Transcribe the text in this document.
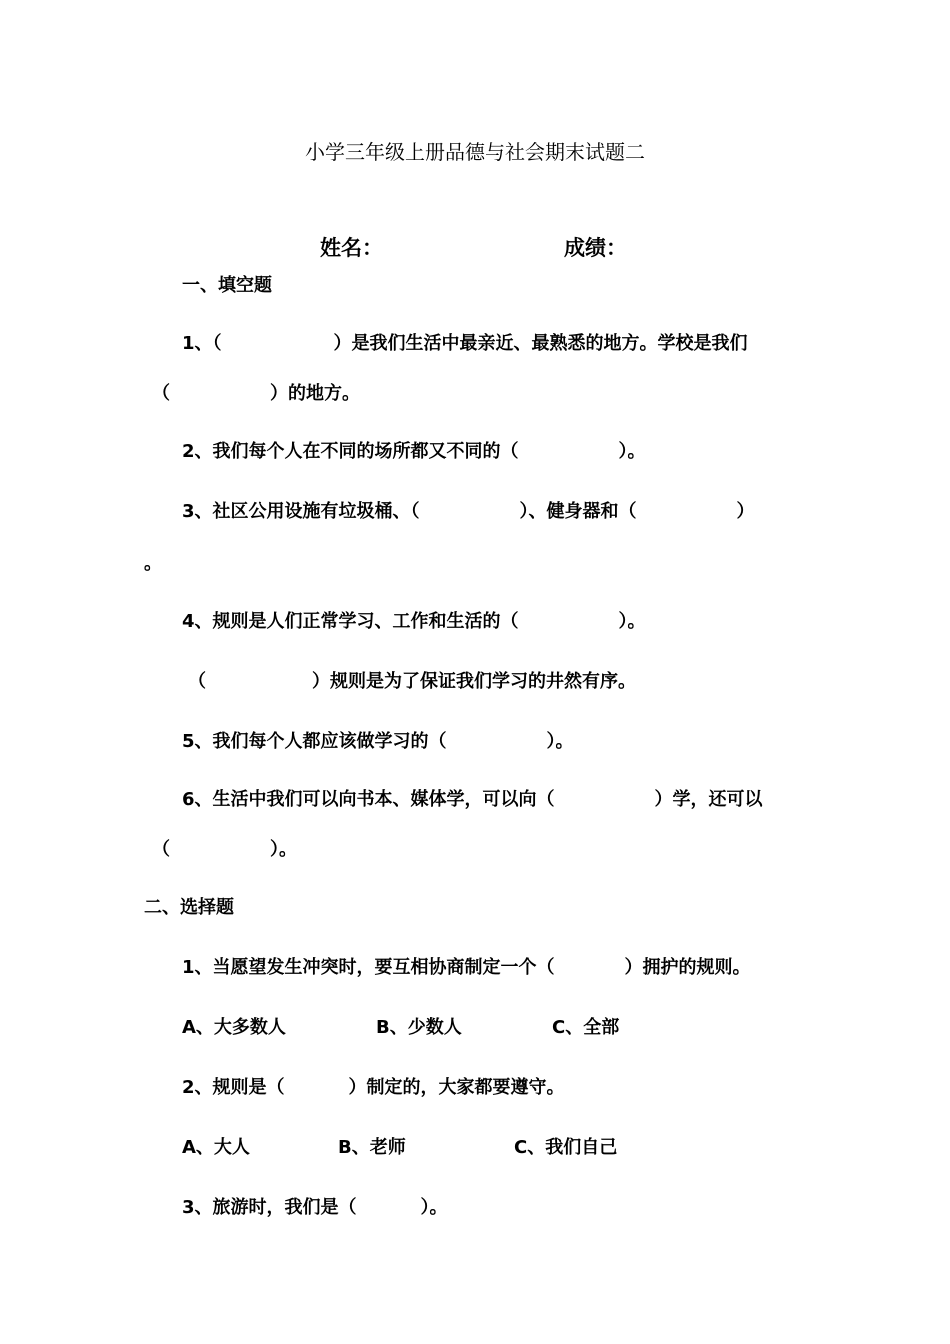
小学三年级上册品德与社会期末试题二
姓名：	成绩：
一、填空题
1、（	）是我们生活中最亲近、最熟悉的地方。学校是我们
（	）的地方。
2、我们每个人在不同的场所都又不同的（	）。
3、社区公用设施有垃圾桶、（	）、健身器和（	）
。
4、规则是人们正常学习、工作和生活的（	）。
（	）规则是为了保证我们学习的井然有序。
5、我们每个人都应该做学习的（	）。
6、生活中我们可以向书本、媒体学，可以向（	）学，还可以
（	）。
二、选择题
1、当愿望发生冲突时，要互相协商制定一个（	）拥护的规则。
A、大多数人	B、少数人	C、全部
2、规则是（	）制定的，大家都要遵守。
A、大人	B、老师	C、我们自己
3、旅游时，我们是（	）。
